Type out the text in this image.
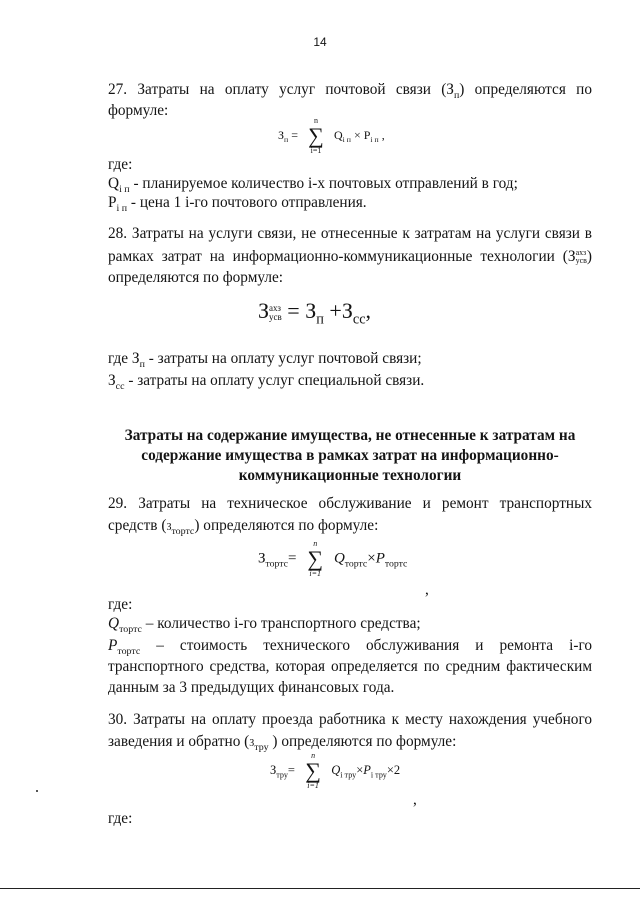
14
27. Затраты на оплату услуг почтовой связи $(З_п)$ определяются по
формуле:
$З_п$ =
n
∑
i=1
$Q_{i п} \times P_{i п}$ ,
где:
$Q_{i п}$ - планируемое количество i-х почтовых отправлений в год;
$P_{i п}$ - цена 1 i-го почтового отправления.
28. Затраты на услуги связи, не отнесенные к затратам на услуги связи в
рамках затрат на информационно-коммуникационные технологии (З ахз
усв )
определяются по формуле:
З ахз
усв = $З_п +З_{сс}$,
где $З_п$ - затраты на оплату услуг почтовой связи;
$З_{сс}$ - затраты на оплату услуг специальной связи.
Затраты на содержание имущества, не отнесенные к затратам на
содержание имущества в рамках затрат на информационно-
коммуникационные технологии
29. Затраты на техническое обслуживание и ремонт транспортных
средств $(З_{тортс})$ определяются по формуле:
$З_{тортс}=$
n
∑
i=1
$Q_{тортс}\times P_{тортс}$
,
где:
$Q_{тортс}$ – количество i-го транспортного средства;
$P_{тортс}$ – стоимость технического обслуживания и ремонта i-го
транспортного средства, которая определяется по средним фактическим
данным за 3 предыдущих финансовых года.
30. Затраты на оплату проезда работника к месту нахождения учебного
заведения и обратно ($З_{тру}$ ) определяются по формуле:
$З_{тру}=$
n
∑
i=1
$Q_{i тру}\times P_{i тру}\times 2$
,
где:
